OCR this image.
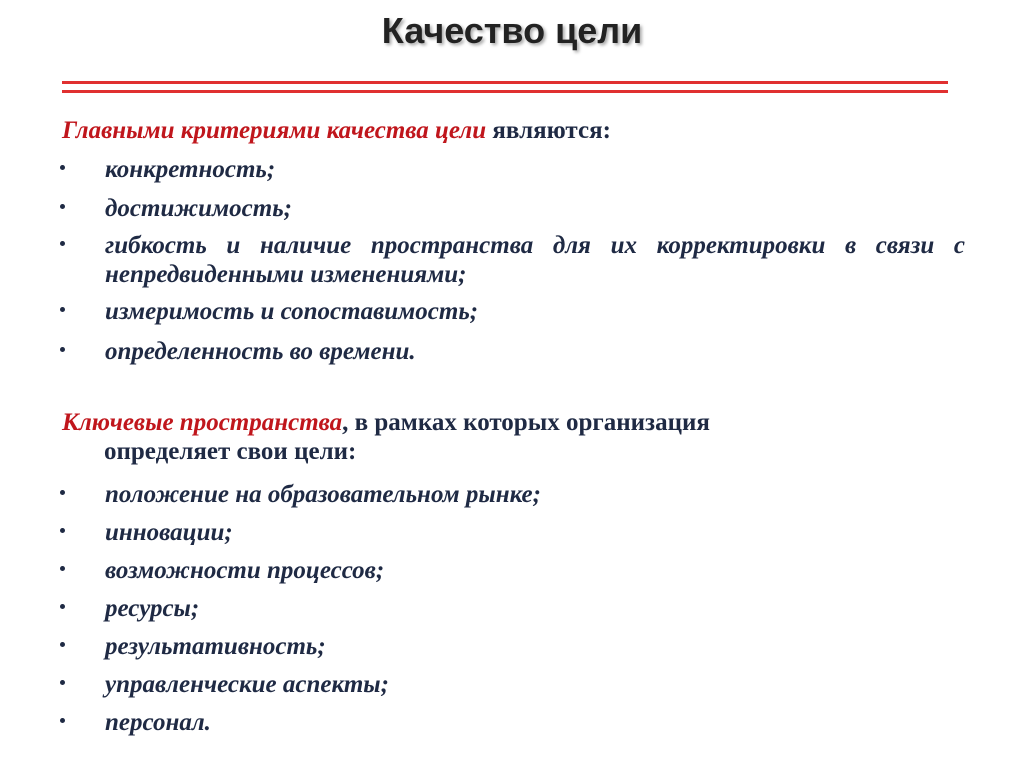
Качество цели
Главными критериями качества цели являются:
конкретность;
достижимость;
гибкость и наличие пространства для их корректировки в связи с непредвиденными изменениями;
измеримость и сопоставимость;
определенность во времени.
Ключевые пространства, в рамках которых организация
определяет свои цели:
положение на образовательном рынке;
инновации;
возможности процессов;
ресурсы;
результативность;
управленческие аспекты;
персонал.
